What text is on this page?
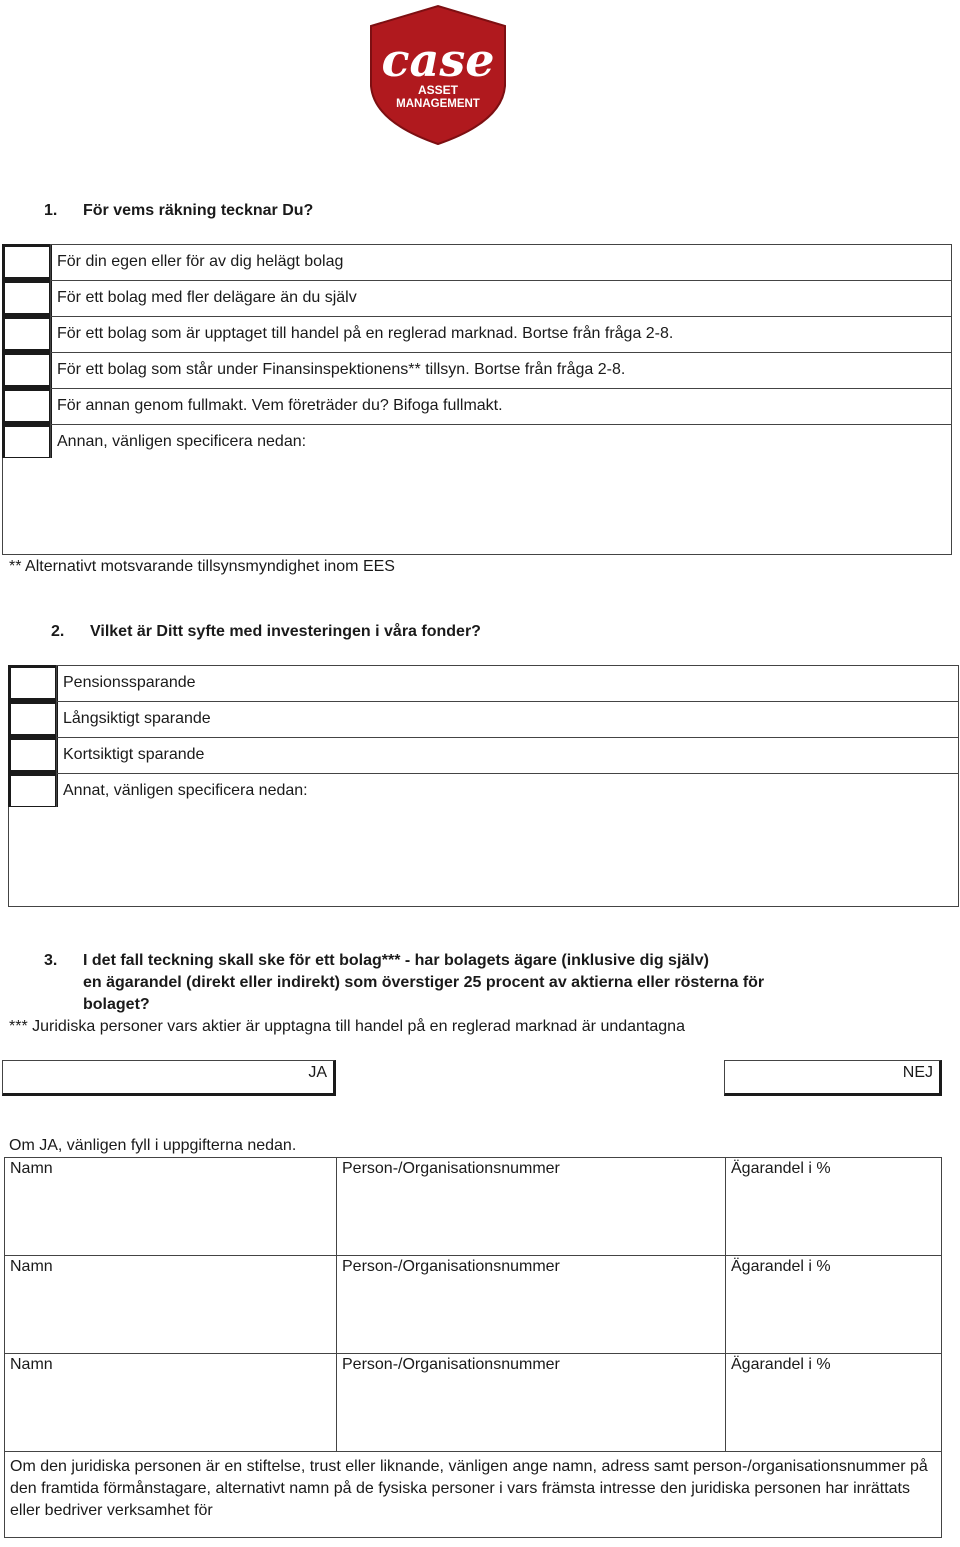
case
ASSET
MANAGEMENT
1. För vems räkning tecknar Du?
För din egen eller för av dig helägt bolag
För ett bolag med fler delägare än du själv
För ett bolag som är upptaget till handel på en reglerad marknad. Bortse från fråga 2-8.
För ett bolag som står under Finansinspektionens** tillsyn. Bortse från fråga 2-8.
För annan genom fullmakt. Vem företräder du? Bifoga fullmakt.
Annan, vänligen specificera nedan:
** Alternativt motsvarande tillsynsmyndighet inom EES
2. Vilket är Ditt syfte med investeringen i våra fonder?
Pensionssparande
Långsiktigt sparande
Kortsiktigt sparande
Annat, vänligen specificera nedan:
3. I det fall teckning skall ske för ett bolag*** - har bolagets ägare (inklusive dig själv)
en ägarandel (direkt eller indirekt) som överstiger 25 procent av aktierna eller rösterna för
bolaget?
*** Juridiska personer vars aktier är upptagna till handel på en reglerad marknad är undantagna
JA	NEJ
Om JA, vänligen fyll i uppgifterna nedan.
Namn	Person-/Organisationsnummer	Ägarandel i %
Namn	Person-/Organisationsnummer	Ägarandel i %
Namn	Person-/Organisationsnummer	Ägarandel i %
Om den juridiska personen är en stiftelse, trust eller liknande, vänligen ange namn, adress samt person-/organisationsnummer på den framtida förmånstagare, alternativt namn på de fysiska personer i vars främsta intresse den juridiska personen har inrättats eller bedriver verksamhet för		
